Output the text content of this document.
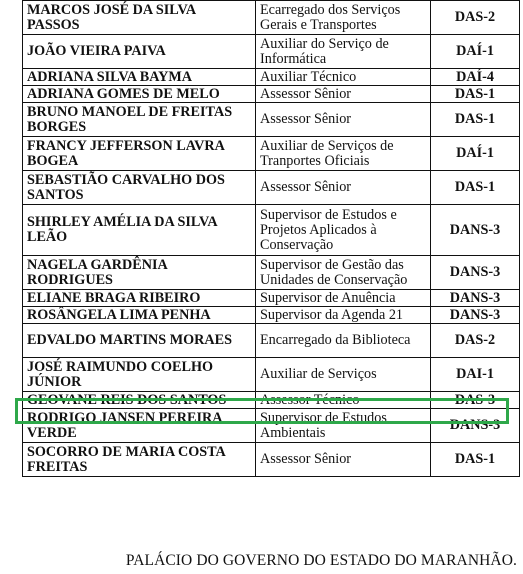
MARCOS JOSÉ DA SILVA PASSOS	Ecarregado dos Serviços Gerais e Transportes	DAS-2
JOÃO VIEIRA PAIVA	Auxiliar do Serviço de Informática	DAÍ-1
ADRIANA SILVA BAYMA	Auxiliar Técnico	DAÍ-4
ADRIANA GOMES DE MELO	Assessor Sênior	DAS-1
BRUNO MANOEL DE FREITAS BORGES	Assessor Sênior	DAS-1
FRANCY JEFFERSON LAVRA BOGEA	Auxiliar de Serviços de Tranportes Oficiais	DAÍ-1
SEBASTIÃO CARVALHO DOS SANTOS	Assessor Sênior	DAS-1
SHIRLEY AMÉLIA DA SILVA LEÃO	Supervisor de Estudos e Projetos Aplicados à Conservação	DANS-3
NAGELA GARDÊNIA RODRIGUES	Supervisor de Gestão das Unidades de Conservação	DANS-3
ELIANE BRAGA RIBEIRO	Supervisor de Anuência	DANS-3
ROSÂNGELA LIMA PENHA	Supervisor da Agenda 21	DANS-3
EDVALDO MARTINS MORAES	Encarregado da Biblioteca	DAS-2
JOSÉ RAIMUNDO COELHO JÚNIOR	Auxiliar de Serviços	DAI-1
GEOVANE REIS DOS SANTOS	Assessor Técnico	DAS-3
RODRIGO JANSEN PEREIRA VERDE	Supervisor de Estudos Ambientais	DANS-3
SOCORRO DE MARIA COSTA FREITAS	Assessor Sênior	DAS-1
PALÁCIO DO GOVERNO DO ESTADO DO MARANHÃO.
